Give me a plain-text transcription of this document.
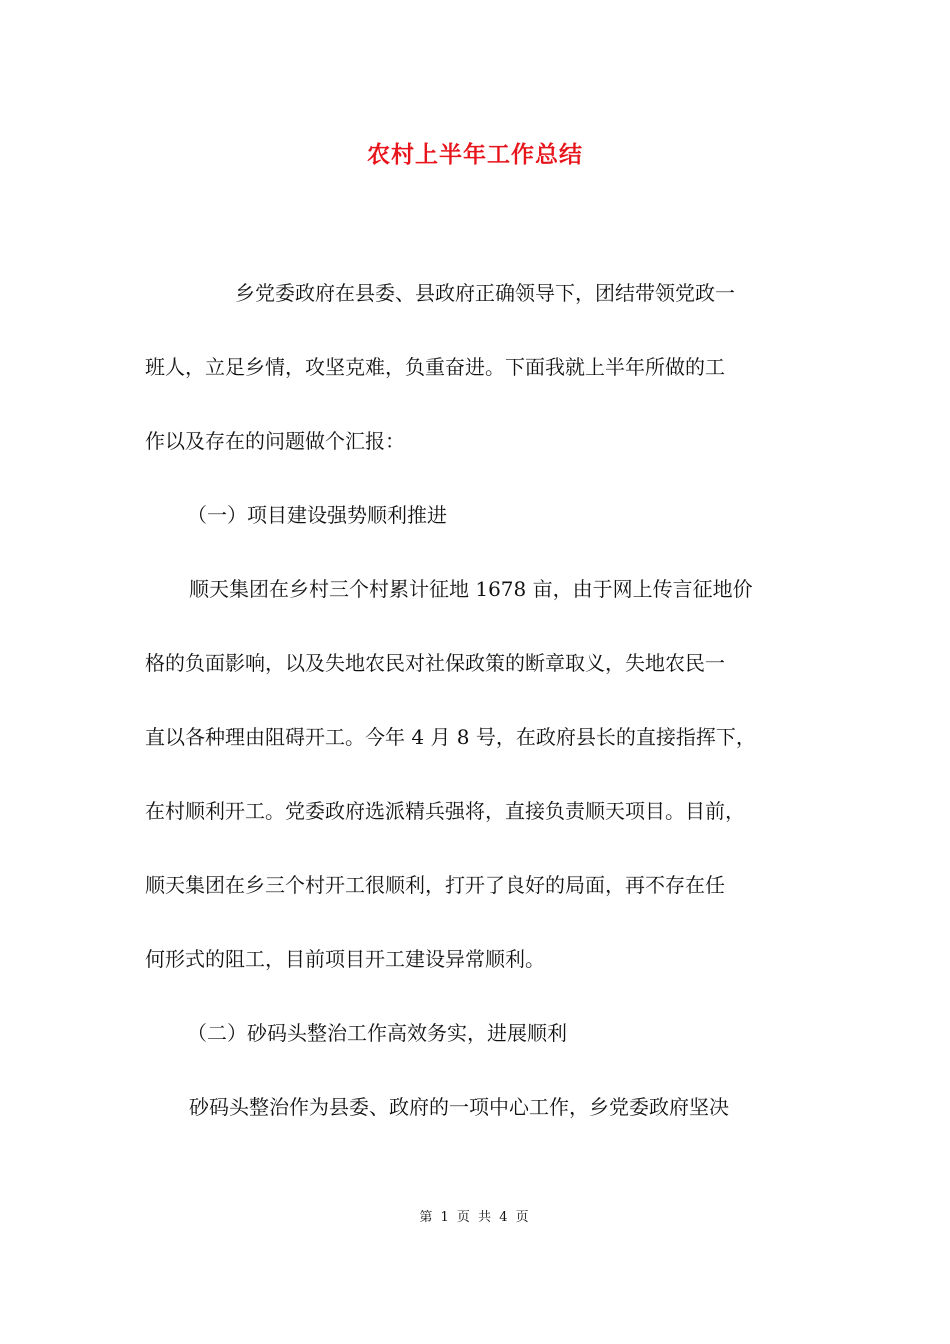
农村上半年工作总结
乡党委政府在县委、县政府正确领导下，团结带领党政一
班人，立足乡情，攻坚克难，负重奋进。下面我就上半年所做的工
作以及存在的问题做个汇报：
（一）项目建设强势顺利推进
顺天集团在乡村三个村累计征地 1678 亩，由于网上传言征地价
格的负面影响，以及失地农民对社保政策的断章取义，失地农民一
直以各种理由阻碍开工。今年 4 月 8 号，在政府县长的直接指挥下，
在村顺利开工。党委政府选派精兵强将，直接负责顺天项目。目前，
顺天集团在乡三个村开工很顺利，打开了良好的局面，再不存在任
何形式的阻工，目前项目开工建设异常顺利。
（二）砂码头整治工作高效务实，进展顺利
砂码头整治作为县委、政府的一项中心工作，乡党委政府坚决
第 1 页 共 4 页
